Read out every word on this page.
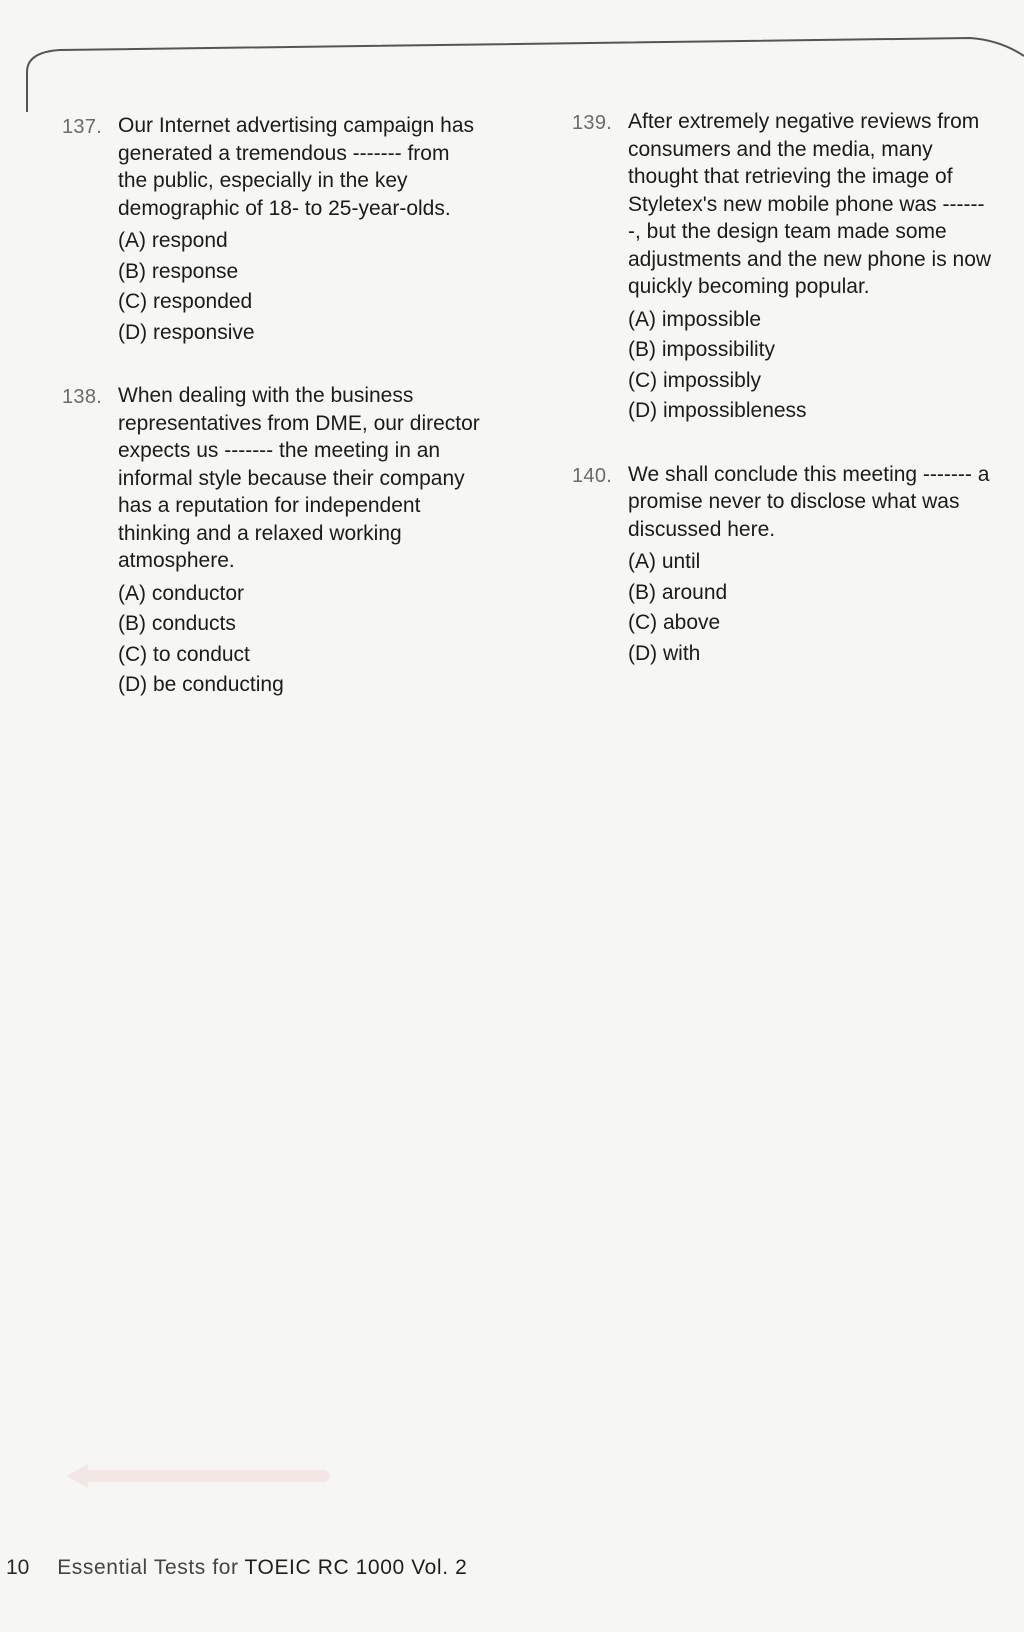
137. Our Internet advertising campaign has generated a tremendous ------- from the public, especially in the key demographic of 18- to 25-year-olds.

(A) respond
(B) response
(C) responded
(D) responsive
138. When dealing with the business representatives from DME, our director expects us ------- the meeting in an informal style because their company has a reputation for independent thinking and a relaxed working atmosphere.

(A) conductor
(B) conducts
(C) to conduct
(D) be conducting
139. After extremely negative reviews from consumers and the media, many thought that retrieving the image of Styletex's new mobile phone was -------, but the design team made some adjustments and the new phone is now quickly becoming popular.

(A) impossible
(B) impossibility
(C) impossibly
(D) impossibleness
140. We shall conclude this meeting ------- a promise never to disclose what was discussed here.

(A) until
(B) around
(C) above
(D) with
10 Essential Tests for TOEIC RC 1000 Vol. 2
